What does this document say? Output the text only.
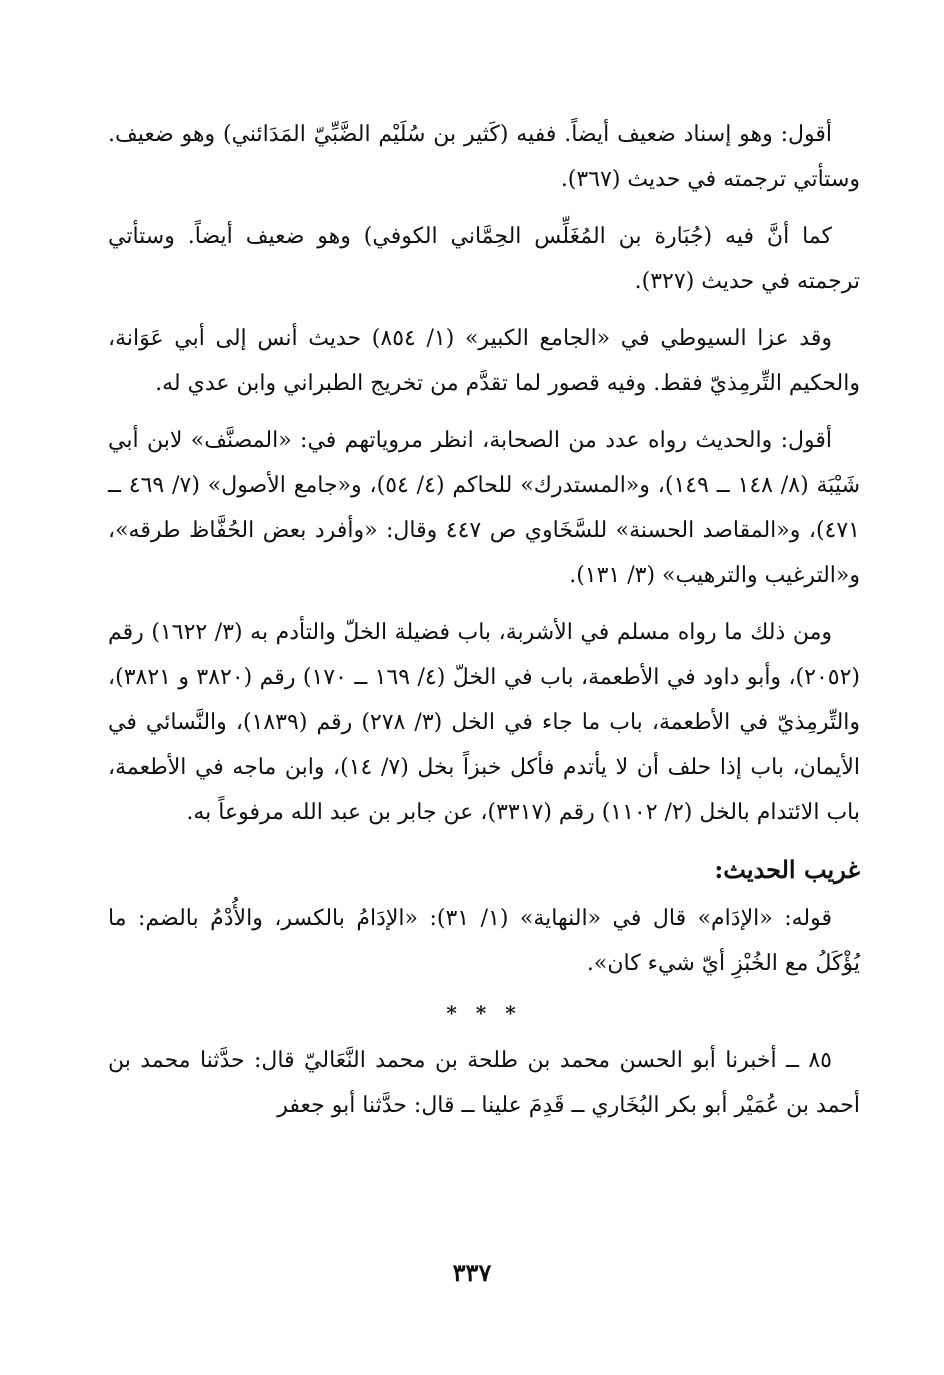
أقول: وهو إسناد ضعيف أيضاً. ففيه (كَثير بن سُلَيْم الضَّبِّيّ المَدَائني) وهو ضعيف. وستأتي ترجمته في حديث (٣٦٧).

كما أنَّ فيه (جُبَارة بن المُغَلِّس الحِمَّاني الكوفي) وهو ضعيف أيضاً. وستأتي ترجمته في حديث (٣٢٧).

وقد عزا السيوطي في «الجامع الكبير» (١/ ٨٥٤) حديث أنس إلى أبي عَوَانة، والحكيم التِّرمِذيّ فقط. وفيه قصور لما تقدَّم من تخريج الطبراني وابن عدي له.

أقول: والحديث رواه عدد من الصحابة، انظر مروياتهم في: «المصنَّف» لابن أبي شَيْبَة (٨/ ١٤٨ ــ ١٤٩)، و«المستدرك» للحاكم (٤/ ٥٤)، و«جامع الأصول» (٧/ ٤٦٩ ــ ٤٧١)، و«المقاصد الحسنة» للسَّخَاوي ص ٤٤٧ وقال: «وأفرد بعض الحُفَّاظ طرقه»، و«الترغيب والترهيب» (٣/ ١٣١).

ومن ذلك ما رواه مسلم في الأشربة، باب فضيلة الخلّ والتأدم به (٣/ ١٦٢٢) رقم (٢٠٥٢)، وأبو داود في الأطعمة، باب في الخلّ (٤/ ١٦٩ ــ ١٧٠) رقم (٣٨٢٠ و ٣٨٢١)، والتِّرمِذيّ في الأطعمة، باب ما جاء في الخل (٣/ ٢٧٨) رقم (١٨٣٩)، والنَّسائي في الأيمان، باب إذا حلف أن لا يأتدم فأكل خبزاً بخل (٧/ ١٤)، وابن ماجه في الأطعمة، باب الائتدام بالخل (٢/ ١١٠٢) رقم (٣٣١٧)، عن جابر بن عبد الله مرفوعاً به.

غريب الحديث:

قوله: «الإدَام» قال في «النهاية» (١/ ٣١): «الإدَامُ بالكسر، والأُدْمُ بالضم: ما يُؤْكَلُ مع الخُبْزِ أيّ شيء كان».

* * *

٨٥ ــ أخبرنا أبو الحسن محمد بن طلحة بن محمد النَّعَاليّ قال: حدَّثنا محمد بن أحمد بن عُمَيْر أبو بكر البُخَاري ــ قَدِمَ علينا ــ قال: حدَّثنا أبو جعفر

٣٣٧
